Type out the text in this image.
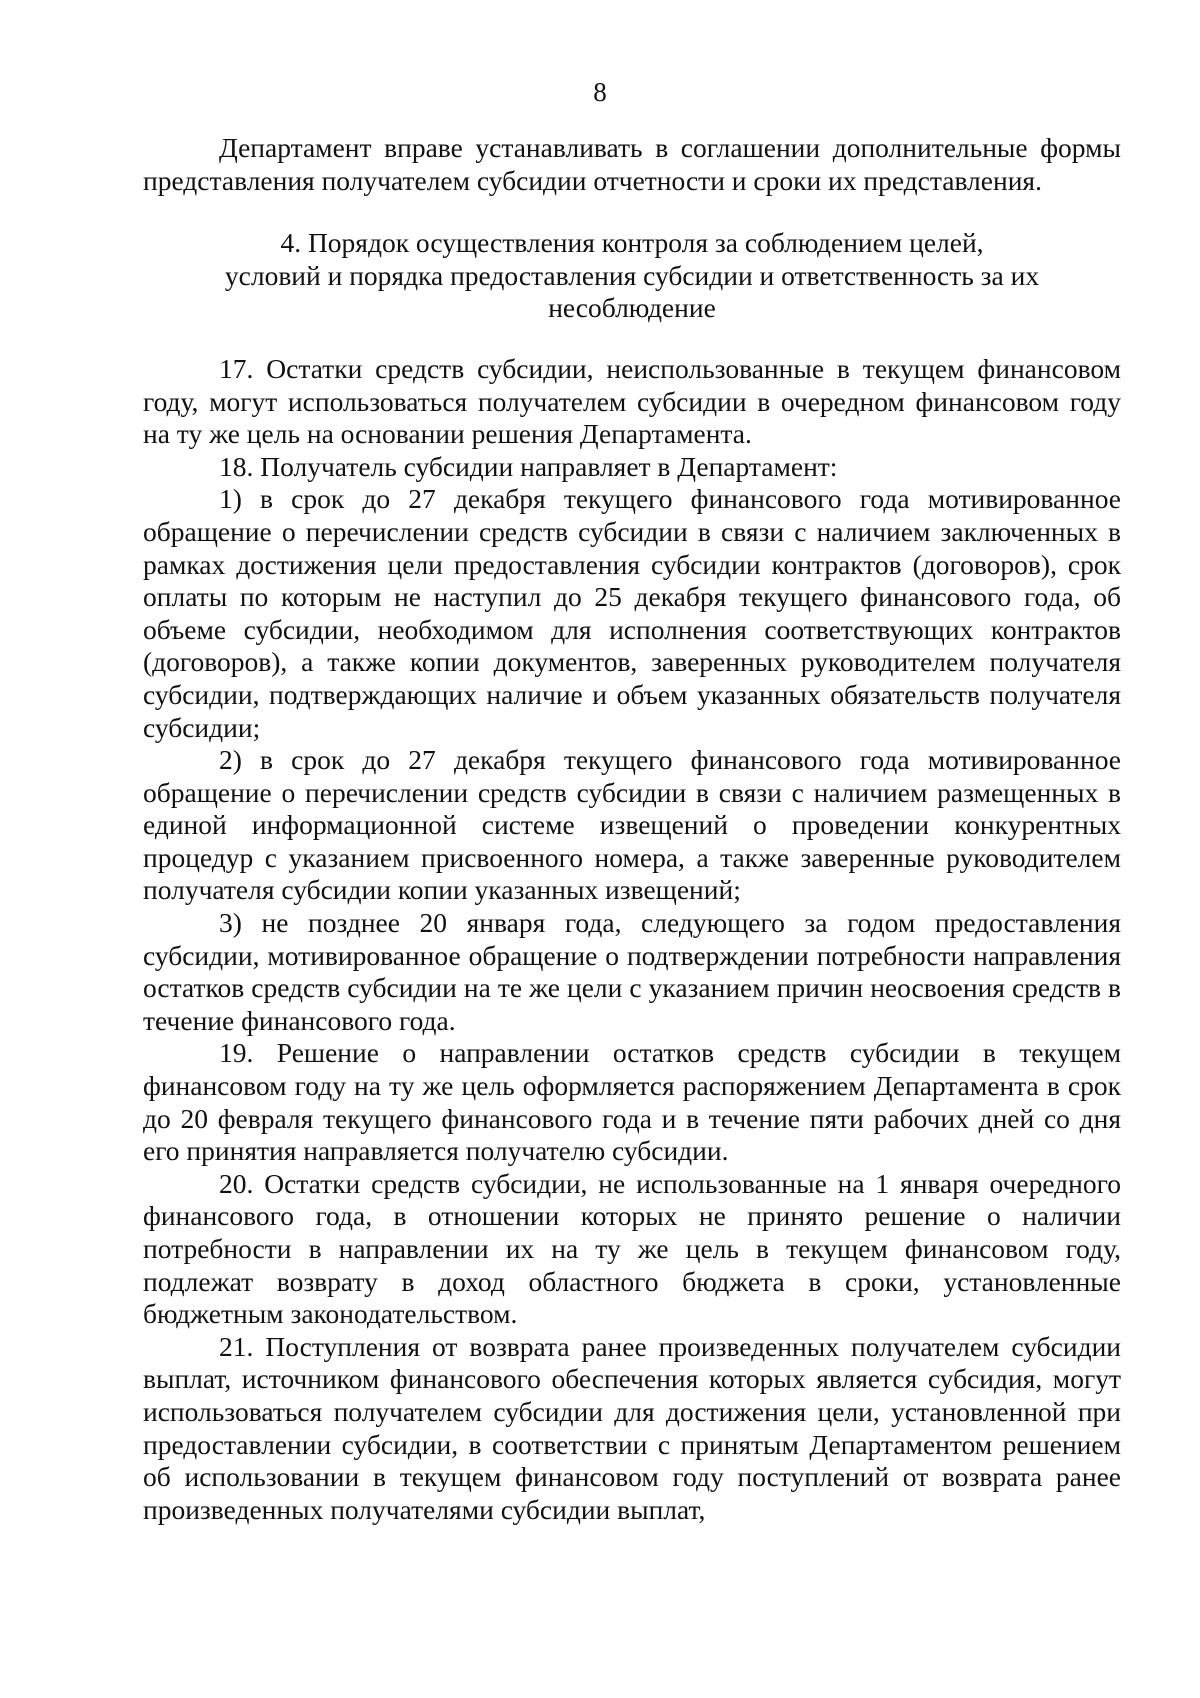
8

Департамент вправе устанавливать в соглашении дополнительные формы представления получателем субсидии отчетности и сроки их представления.

4. Порядок осуществления контроля за соблюдением целей,
условий и порядка предоставления субсидии и ответственность за их
несоблюдение

17. Остатки средств субсидии, неиспользованные в текущем финансовом году, могут использоваться получателем субсидии в очередном финансовом году на ту же цель на основании решения Департамента.

18. Получатель субсидии направляет в Департамент:

1) в срок до 27 декабря текущего финансового года мотивированное обращение о перечислении средств субсидии в связи с наличием заключенных в рамках достижения цели предоставления субсидии контрактов (договоров), срок оплаты по которым не наступил до 25 декабря текущего финансового года, об объеме субсидии, необходимом для исполнения соответствующих контрактов (договоров), а также копии документов, заверенных руководителем получателя субсидии, подтверждающих наличие и объем указанных обязательств получателя субсидии;

2) в срок до 27 декабря текущего финансового года мотивированное обращение о перечислении средств субсидии в связи с наличием размещенных в единой информационной системе извещений о проведении конкурентных процедур с указанием присвоенного номера, а также заверенные руководителем получателя субсидии копии указанных извещений;

3) не позднее 20 января года, следующего за годом предоставления субсидии, мотивированное обращение о подтверждении потребности направления остатков средств субсидии на те же цели с указанием причин неосвоения средств в течение финансового года.

19. Решение о направлении остатков средств субсидии в текущем финансовом году на ту же цель оформляется распоряжением Департамента в срок до 20 февраля текущего финансового года и в течение пяти рабочих дней со дня его принятия направляется получателю субсидии.

20. Остатки средств субсидии, не использованные на 1 января очередного финансового года, в отношении которых не принято решение о наличии потребности в направлении их на ту же цель в текущем финансовом году, подлежат возврату в доход областного бюджета в сроки, установленные бюджетным законодательством.

21. Поступления от возврата ранее произведенных получателем субсидии выплат, источником финансового обеспечения которых является субсидия, могут использоваться получателем субсидии для достижения цели, установленной при предоставлении субсидии, в соответствии с принятым Департаментом решением об использовании в текущем финансовом году поступлений от возврата ранее произведенных получателями субсидии выплат,
